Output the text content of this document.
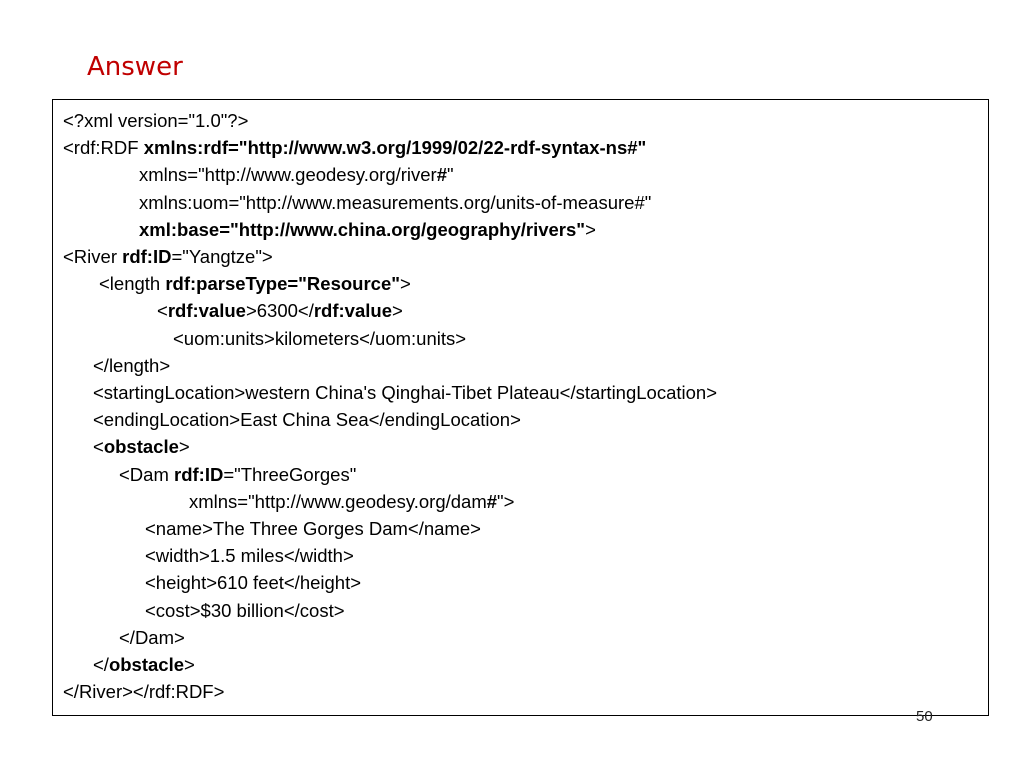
Answer
<?xml version="1.0"?>
<rdf:RDF xmlns:rdf="http://www.w3.org/1999/02/22-rdf-syntax-ns#"
xmlns="http://www.geodesy.org/river#"
xmlns:uom="http://www.measurements.org/units-of-measure#"
xml:base="http://www.china.org/geography/rivers">
<River rdf:ID="Yangtze">
<length rdf:parseType="Resource">
<rdf:value>6300</rdf:value>
<uom:units>kilometers</uom:units>
</length>
<startingLocation>western China's Qinghai-Tibet Plateau</startingLocation>
<endingLocation>East China Sea</endingLocation>
<obstacle>
<Dam rdf:ID="ThreeGorges"
xmlns="http://www.geodesy.org/dam#">
<name>The Three Gorges Dam</name>
<width>1.5 miles</width>
<height>610 feet</height>
<cost>$30 billion</cost>
</Dam>
</obstacle>
</River></rdf:RDF>
50
